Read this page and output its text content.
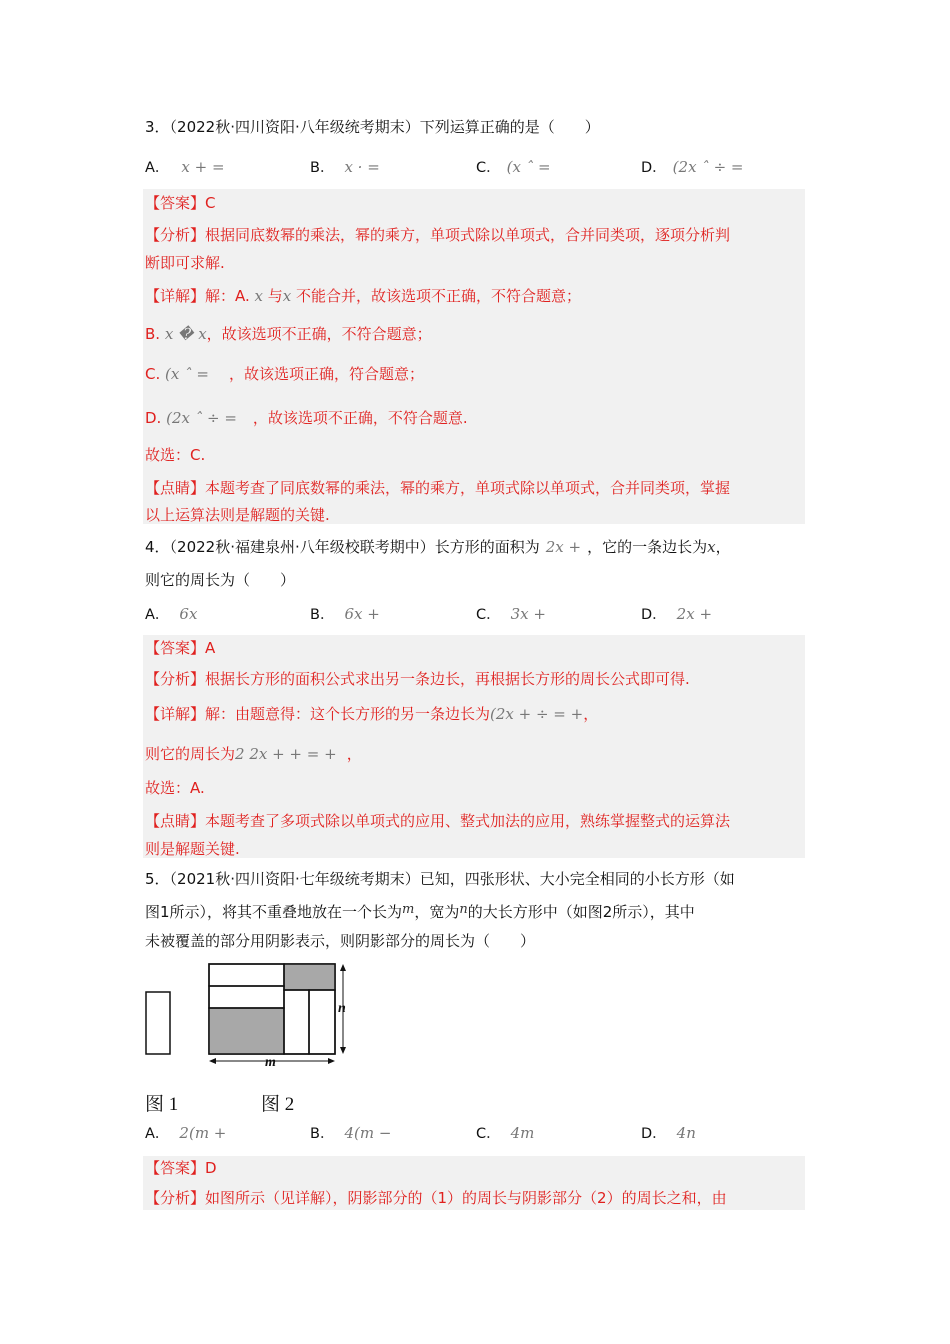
3．（2022秋·四川资阳·八年级统考期末）下列运算正确的是（　　）
A． x + =	B． x · =	C． (x ˆ =	D． (2x ˆ ÷ =
【答案】C
【分析】根据同底数幂的乘法，幂的乘方，单项式除以单项式，合并同类项，逐项分析判
断即可求解.
【详解】解：A. x 与x 不能合并，故该选项不正确，不符合题意；
B. x � x，故该选项不正确，不符合题意；
C. (x ˆ = ，故该选项正确，符合题意；
D. (2x ˆ ÷ = ，故该选项不正确，不符合题意.
故选：C.
【点睛】本题考查了同底数幂的乘法，幂的乘方，单项式除以单项式，合并同类项，掌握
以上运算法则是解题的关键.
4．（2022秋·福建泉州·八年级校联考期中）长方形的面积为 2x + ，它的一条边长为x，
则它的周长为（　　）
A． 6x	B． 6x +	C． 3x +	D． 2x +
【答案】A
【分析】根据长方形的面积公式求出另一条边长，再根据长方形的周长公式即可得.
【详解】解：由题意得：这个长方形的另一条边长为(2x + ÷ = +，
则它的周长为2 2x + + = + ，
故选：A.
【点睛】本题考查了多项式除以单项式的应用、整式加法的应用，熟练掌握整式的运算法
则是解题关键.
5．（2021秋·四川资阳·七年级统考期末）已知，四张形状、大小完全相同的小长方形（如
图1所示），将其不重叠地放在一个长为m，宽为n的大长方形中（如图2所示），其中
未被覆盖的部分用阴影表示，则阴影部分的周长为（　　）
n
m
图 1	图 2
A． 2(m +	B． 4(m −	C． 4m	D． 4n
【答案】D
【分析】如图所示（见详解），阴影部分的（1）的周长与阴影部分（2）的周长之和，由
